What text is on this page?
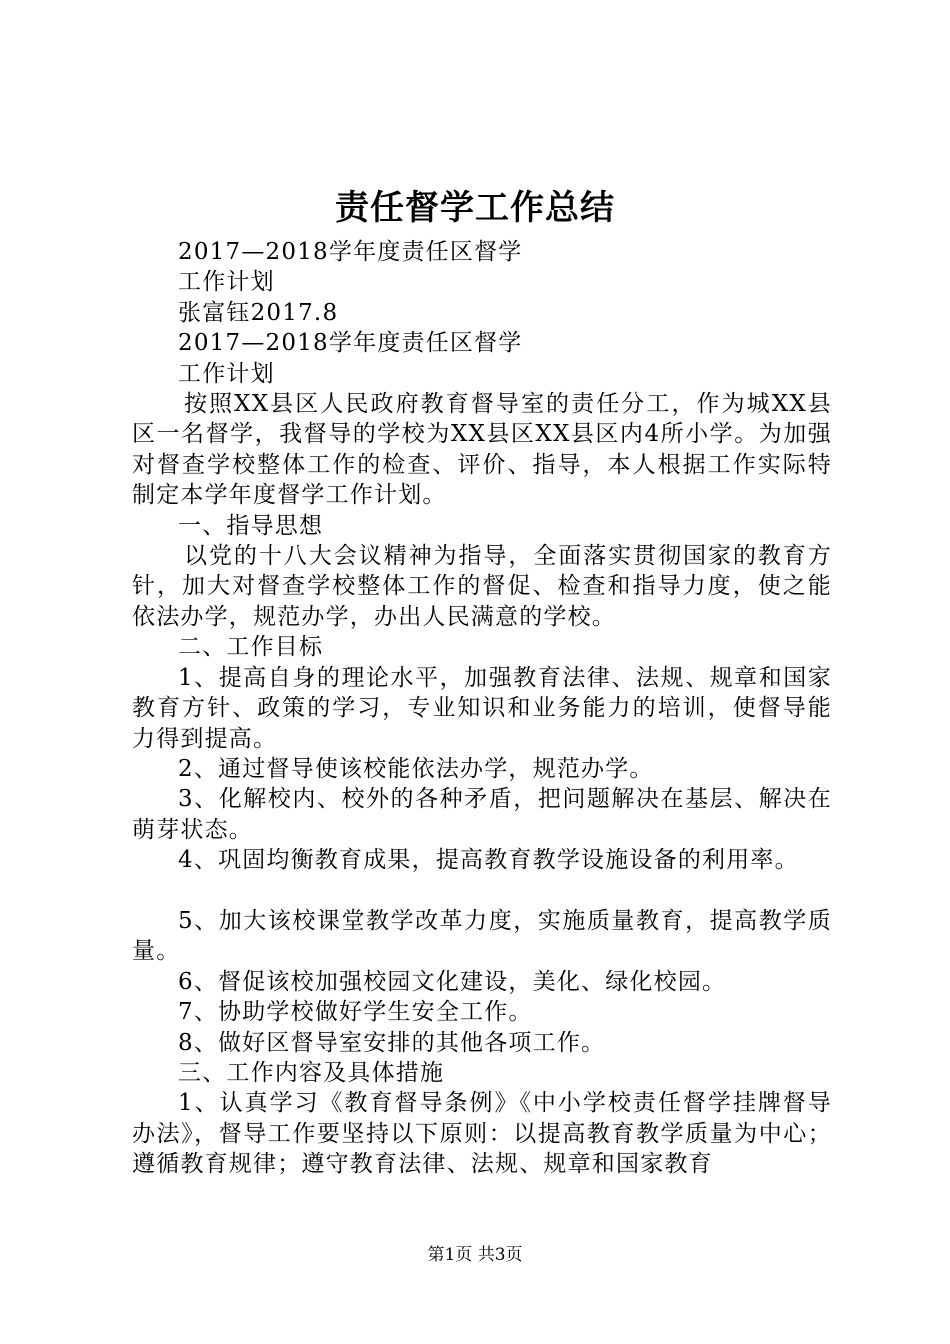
责任督学工作总结

2017—2018学年度责任区督学

工作计划

张富钰2017.8

2017—2018学年度责任区督学

工作计划

按照XX县区人民政府教育督导室的责任分工，作为城XX县区一名督学，我督导的学校为XX县区XX县区内4所小学。为加强对督查学校整体工作的检查、评价、指导，本人根据工作实际特制定本学年度督学工作计划。

一、指导思想

以党的十八大会议精神为指导，全面落实贯彻国家的教育方针，加大对督查学校整体工作的督促、检查和指导力度，使之能依法办学，规范办学，办出人民满意的学校。

二、工作目标

1、提高自身的理论水平，加强教育法律、法规、规章和国家教育方针、政策的学习，专业知识和业务能力的培训，使督导能力得到提高。

2、通过督导使该校能依法办学，规范办学。

3、化解校内、校外的各种矛盾，把问题解决在基层、解决在萌芽状态。

4、巩固均衡教育成果，提高教育教学设施设备的利用率。

5、加大该校课堂教学改革力度，实施质量教育，提高教学质量。

6、督促该校加强校园文化建设，美化、绿化校园。

7、协助学校做好学生安全工作。

8、做好区督导室安排的其他各项工作。

三、工作内容及具体措施

1、认真学习《教育督导条例》《中小学校责任督学挂牌督导办法》，督导工作要坚持以下原则：以提高教育教学质量为中心；遵循教育规律；遵守教育法律、法规、规章和国家教育

第1页 共3页
